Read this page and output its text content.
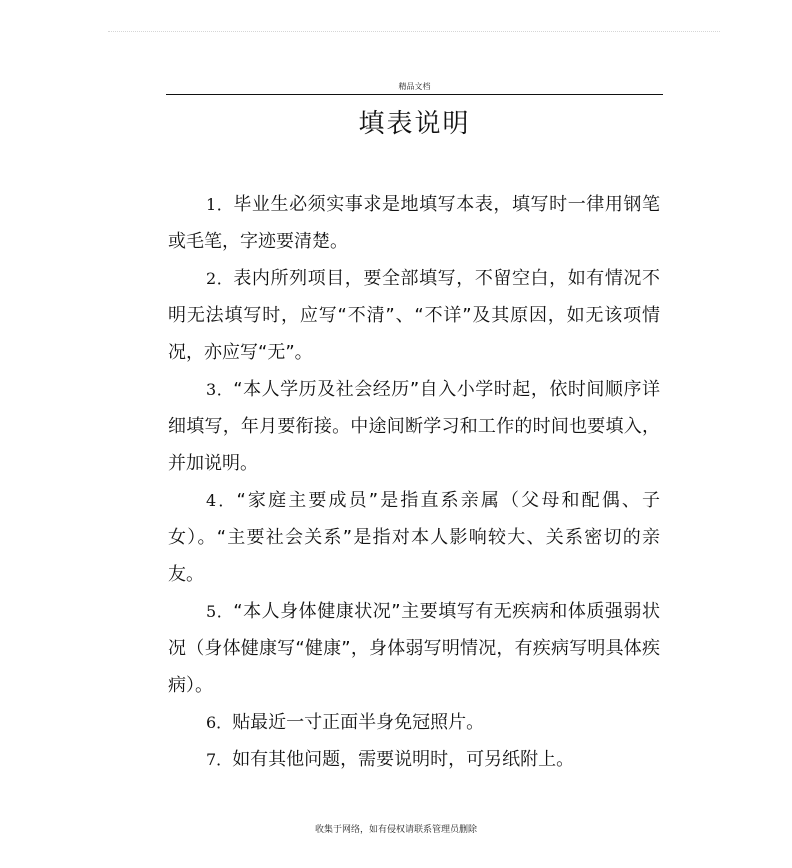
精品文档
填表说明

1．毕业生必须实事求是地填写本表，填写时一律用钢笔或毛笔，字迹要清楚。

2．表内所列项目，要全部填写，不留空白，如有情况不明无法填写时，应写“不清”、“不详”及其原因，如无该项情况，亦应写“无”。

3．“本人学历及社会经历”自入小学时起，依时间顺序详细填写，年月要衔接。中途间断学习和工作的时间也要填入，并加说明。

4．“家庭主要成员”是指直系亲属（父母和配偶、子女）。“主要社会关系”是指对本人影响较大、关系密切的亲友。

5．“本人身体健康状况”主要填写有无疾病和体质强弱状况（身体健康写“健康”，身体弱写明情况，有疾病写明具体疾病）。

6．贴最近一寸正面半身免冠照片。

7．如有其他问题，需要说明时，可另纸附上。

收集于网络，如有侵权请联系管理员删除
